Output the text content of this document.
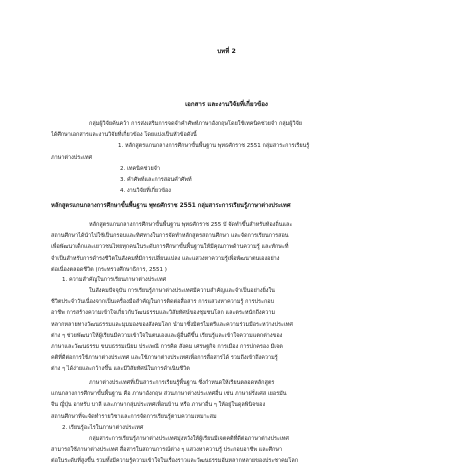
บทที่ 2
เอกสาร และงานวิจัยที่เกี่ยวข้อง
กลุ่มผู้วิจัยค้นคว้า การส่งเสริมการจดจำคำศัพท์ภาษาอังกฤษโดยใช้เทคนิคช่วยจำ กลุ่มผู้วิจัย
ได้ศึกษาเอกสารและงานวิจัยที่เกี่ยวข้อง โดยแบ่งเป็นหัวข้อดังนี้
1. หลักสูตรแกนกลางการศึกษาขั้นพื้นฐาน พุทธศักราช 2551 กลุ่มสาระการเรียนรู้
ภาษาต่างประเทศ
2. เทคนิคช่วยจำ
3. คำศัพท์และการสอนคำศัพท์
4. งานวิจัยที่เกี่ยวข้อง
หลักสูตรแกนกลางการศึกษาขั้นพื้นฐาน พุทธศักราช 2551 กลุ่มสาระการเรียนรู้ภาษาต่างประเทศ
หลักสูตรแกนกลางการศึกษาขั้นพื้นฐาน พุทธศักราช 255 บั จัดทำขึ้นสำหรับท้องถิ่นและ
สถานศึกษาได้นำไปใช้เป็นกรอบและทิศทางในการจัดทำหลักสูตรสถานศึกษา และจัดการเรียนการสอน
เพื่อพัฒนาเด็กและเยาวชนไทยทุกคนในระดับการศึกษาขั้นพื้นฐานให้มีคุณภาพด้านความรู้ และทักษะที่
จำเป็นสำหรับการดำรงชีวิตในสังคมที่มีการเปลี่ยนแปลง และแสวงหาความรู้เพื่อพัฒนาตนเองอย่าง
ต่อเนื่องตลอดชีวิต (กระทรวงศึกษาธิการ, 2551 )
1. ความสำคัญในการเรียนภาษาต่างประเทศ
ในสังคมปัจจุบัน การเรียนรู้ภาษาต่างประเทศมีความสำคัญและจำเป็นอย่างยิ่งใน
ชีวิตประจำวันเนื่องจากเป็นเครื่องมือสำคัญในการติดต่อสื่อสาร การแสวงหาความรู้ การประกอบ
อาชีพ การสร้างความเข้าใจเกี่ยวกับวัฒนธรรมและวิสัยทัศน์ของชุมชนโลก และตระหนักถึงความ
หลากหลายทางวัฒนธรรมและมุมมองของสังคมโลก นำมาซึ่งมิตรไมตรีและความร่วมมือระหว่างประเทศ
ต่าง ๆ ช่วยพัฒนาให้ผู้เรียนมีความเข้าใจในตนเองและผู้อื่นดีขึ้น เรียนรู้และเข้าใจความแตกต่างของ
ภาษาและวัฒนธรรม ขนบธรรมเนียม ประเพณี การคิด สังคม เศรษฐกิจ การเมือง การปกครอง มีเจต
คติที่ดีต่อการใช้ภาษาต่างประเทศ และใช้ภาษาต่างประเทศเพื่อการสื่อสารได้ รวมถึงเข้าถึงความรู้
ต่าง ๆ ได้ง่ายและกว้างขึ้น และมีวิสัยทัศน์ในการดำเนินชีวิต
ภาษาต่างประเทศที่เป็นสาระการเรียนรู้พื้นฐาน ซึ่งกำหนดให้เรียนตลอดหลักสูตร
แกนกลางการศึกษาขั้นพื้นฐาน คือ ภาษาอังกฤษ ส่วนภาษาต่างประเทศอื่น เช่น ภาษาฝรั่งเศส เยอรมัน
จีน ญี่ปุ่น อาหรับ บาลี และภาษากลุ่มประเทศเพื่อนบ้าน หรือ ภาษาอื่น ๆ ให้อยู่ในดุลพินิจของ
สถานศึกษาที่จะจัดทำรายวิชาและการจัดการเรียนรู้ตามความเหมาะสม
2. เรียนรู้อะไรในภาษาต่างประเทศ
กลุ่มสาระการเรียนรู้ภาษาต่างประเทศมุ่งหวังให้ผู้เรียนมีเจตคติที่ดีต่อภาษาต่างประเทศ
สามารถใช้ภาษาต่างประเทศ สื่อสารในสถานการณ์ต่าง ๆ แสวงหาความรู้ ประกอบอาชีพ และศึกษา
ต่อในระดับที่สูงขึ้น รวมทั้งมีความรู้ความเข้าใจในเรื่องราวและวัฒนธรรมอันหลากหลายของประชาคมโลก
